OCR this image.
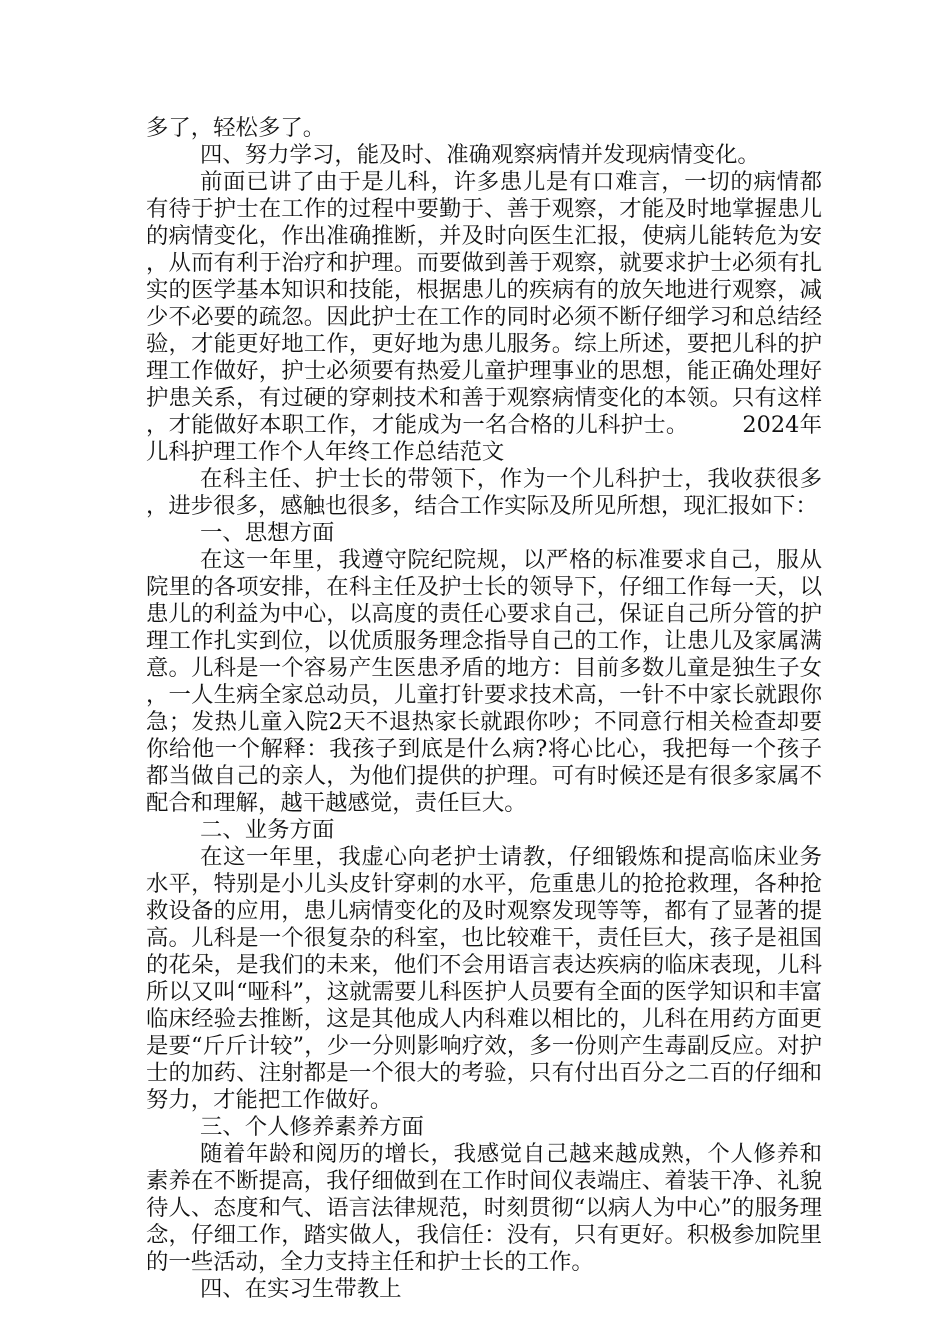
多了，轻松多了。

四、努力学习，能及时、准确观察病情并发现病情变化。

前面已讲了由于是儿科，许多患儿是有口难言，一切的病情都有待于护士在工作的过程中要勤于、善于观察，才能及时地掌握患儿的病情变化，作出准确推断，并及时向医生汇报，使病儿能转危为安，从而有利于治疗和护理。而要做到善于观察，就要求护士必须有扎实的医学基本知识和技能，根据患儿的疾病有的放矢地进行观察，减少不必要的疏忽。因此护士在工作的同时必须不断仔细学习和总结经验，才能更好地工作，更好地为患儿服务。综上所述，要把儿科的护理工作做好，护士必须要有热爱儿童护理事业的思想，能正确处理好护患关系，有过硬的穿刺技术和善于观察病情变化的本领。只有这样，才能做好本职工作，才能成为一名合格的儿科护士。 2024年儿科护理工作个人年终工作总结范文

在科主任、护士长的带领下，作为一个儿科护士，我收获很多，进步很多，感触也很多，结合工作实际及所见所想，现汇报如下：

一、思想方面

在这一年里，我遵守院纪院规，以严格的标准要求自己，服从院里的各项安排，在科主任及护士长的领导下，仔细工作每一天，以患儿的利益为中心，以高度的责任心要求自己，保证自己所分管的护理工作扎实到位，以优质服务理念指导自己的工作，让患儿及家属满意。儿科是一个容易产生医患矛盾的地方：目前多数儿童是独生子女，一人生病全家总动员，儿童打针要求技术高，一针不中家长就跟你急；发热儿童入院2天不退热家长就跟你吵；不同意行相关检查却要你给他一个解释：我孩子到底是什么病?将心比心，我把每一个孩子都当做自己的亲人，为他们提供的护理。可有时候还是有很多家属不配合和理解，越干越感觉，责任巨大。

二、业务方面

在这一年里，我虚心向老护士请教，仔细锻炼和提高临床业务水平，特别是小儿头皮针穿刺的水平，危重患儿的抢抢救理，各种抢救设备的应用，患儿病情变化的及时观察发现等等，都有了显著的提高。儿科是一个很复杂的科室，也比较难干，责任巨大，孩子是祖国的花朵，是我们的未来，他们不会用语言表达疾病的临床表现，儿科所以又叫“哑科”，这就需要儿科医护人员要有全面的医学知识和丰富临床经验去推断，这是其他成人内科难以相比的，儿科在用药方面更是要“斤斤计较”，少一分则影响疗效，多一份则产生毒副反应。对护士的加药、注射都是一个很大的考验，只有付出百分之二百的仔细和努力，才能把工作做好。

三、个人修养素养方面

随着年龄和阅历的增长，我感觉自己越来越成熟，个人修养和素养在不断提高，我仔细做到在工作时间仪表端庄、着装干净、礼貌待人、态度和气、语言法律规范，时刻贯彻“以病人为中心”的服务理念，仔细工作，踏实做人，我信任：没有，只有更好。积极参加院里的一些活动，全力支持主任和护士长的工作。

四、在实习生带教上
